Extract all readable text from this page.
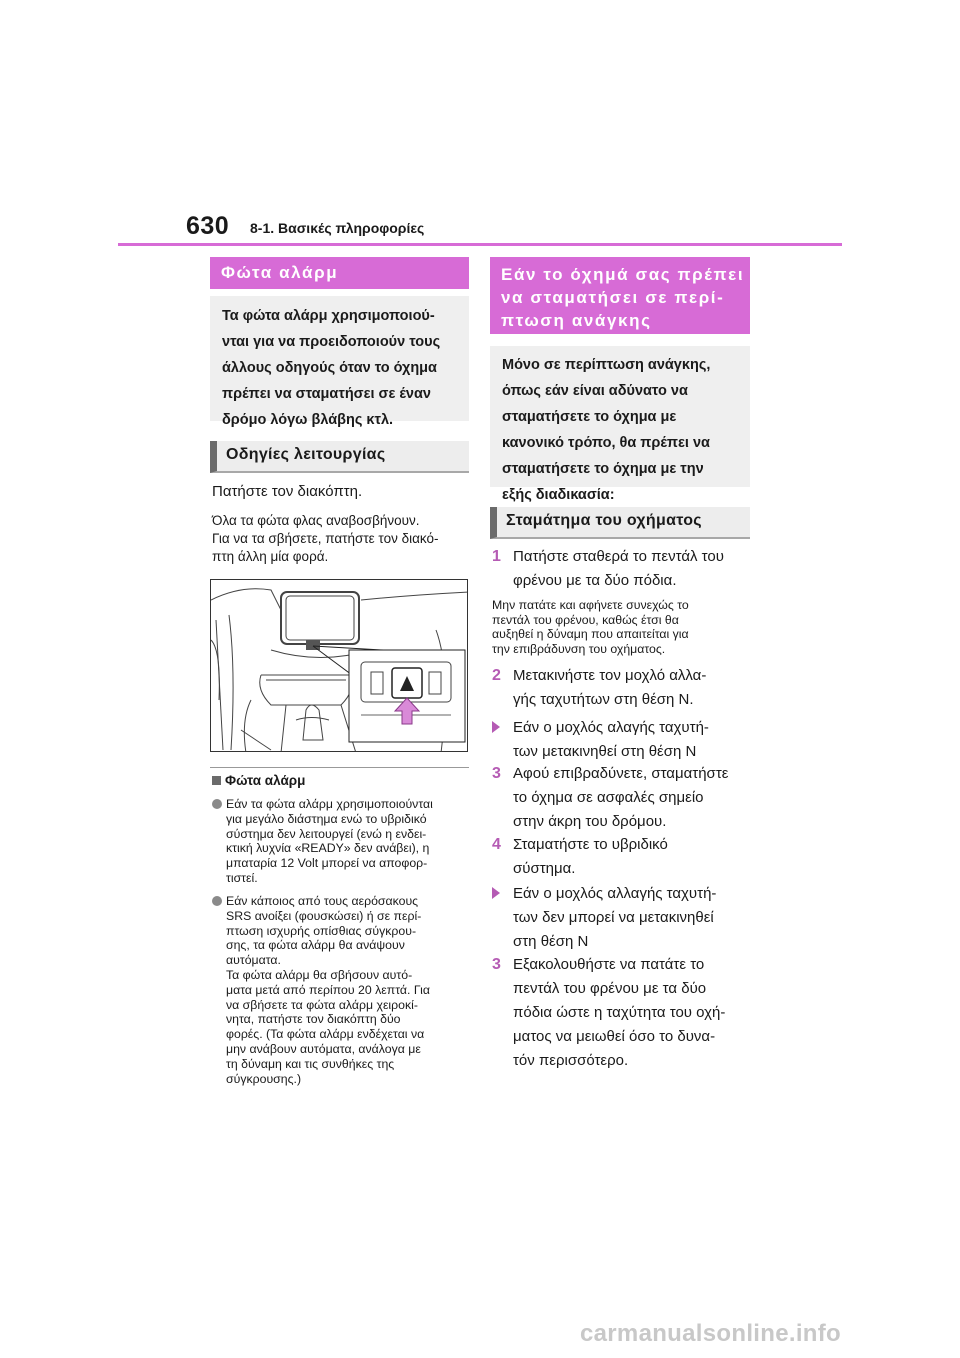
630 8-1. Βασικές πληροφορίες
Φώτα αλάρμ
Τα φώτα αλάρμ χρησιμοποιού-
νται για να προειδοποιούν τους
άλλους οδηγούς όταν το όχημα
πρέπει να σταματήσει σε έναν
δρόμο λόγω βλάβης κτλ.
Οδηγίες λειτουργίας
Πατήστε τον διακόπτη.
Όλα τα φώτα φλας αναβοσβήνουν.
Για να τα σβήσετε, πατήστε τον διακό-
πτη άλλη μία φορά.
Φώτα αλάρμ
Εάν τα φώτα αλάρμ χρησιμοποιούνται
για μεγάλο διάστημα ενώ το υβριδικό
σύστημα δεν λειτουργεί (ενώ η ενδει-
κτική λυχνία «READY» δεν ανάβει), η
μπαταρία 12 Volt μπορεί να αποφορ-
τιστεί.
Εάν κάποιος από τους αερόσακους
SRS ανοίξει (φουσκώσει) ή σε περί-
πτωση ισχυρής οπίσθιας σύγκρου-
σης, τα φώτα αλάρμ θα ανάψουν
αυτόματα.
Τα φώτα αλάρμ θα σβήσουν αυτό-
ματα μετά από περίπου 20 λεπτά. Για
να σβήσετε τα φώτα αλάρμ χειροκί-
νητα, πατήστε τον διακόπτη δύο
φορές. (Τα φώτα αλάρμ ενδέχεται να
μην ανάβουν αυτόματα, ανάλογα με
τη δύναμη και τις συνθήκες της
σύγκρουσης.)
Εάν το όχημά σας πρέπει
να σταματήσει σε περί-
πτωση ανάγκης
Μόνο σε περίπτωση ανάγκης,
όπως εάν είναι αδύνατο να
σταματήσετε το όχημα με
κανονικό τρόπο, θα πρέπει να
σταματήσετε το όχημα με την
εξής διαδικασία:
Σταμάτημα του οχήματος
1 Πατήστε σταθερά το πεντάλ του
φρένου με τα δύο πόδια.
Μην πατάτε και αφήνετε συνεχώς το
πεντάλ του φρένου, καθώς έτσι θα
αυξηθεί η δύναμη που απαιτείται για
την επιβράδυνση του οχήματος.
2 Μετακινήστε τον μοχλό αλλα-
γής ταχυτήτων στη θέση N.
Εάν ο μοχλός αλαγής ταχυτή-
των μετακινηθεί στη θέση N
3 Αφού επιβραδύνετε, σταματήστε
το όχημα σε ασφαλές σημείο
στην άκρη του δρόμου.
4 Σταματήστε το υβριδικό
σύστημα.
Εάν ο μοχλός αλλαγής ταχυτή-
των δεν μπορεί να μετακινηθεί
στη θέση N
3 Εξακολουθήστε να πατάτε το
πεντάλ του φρένου με τα δύο
πόδια ώστε η ταχύτητα του οχή-
ματος να μειωθεί όσο το δυνα-
τόν περισσότερο.
carmanualsonline.info
